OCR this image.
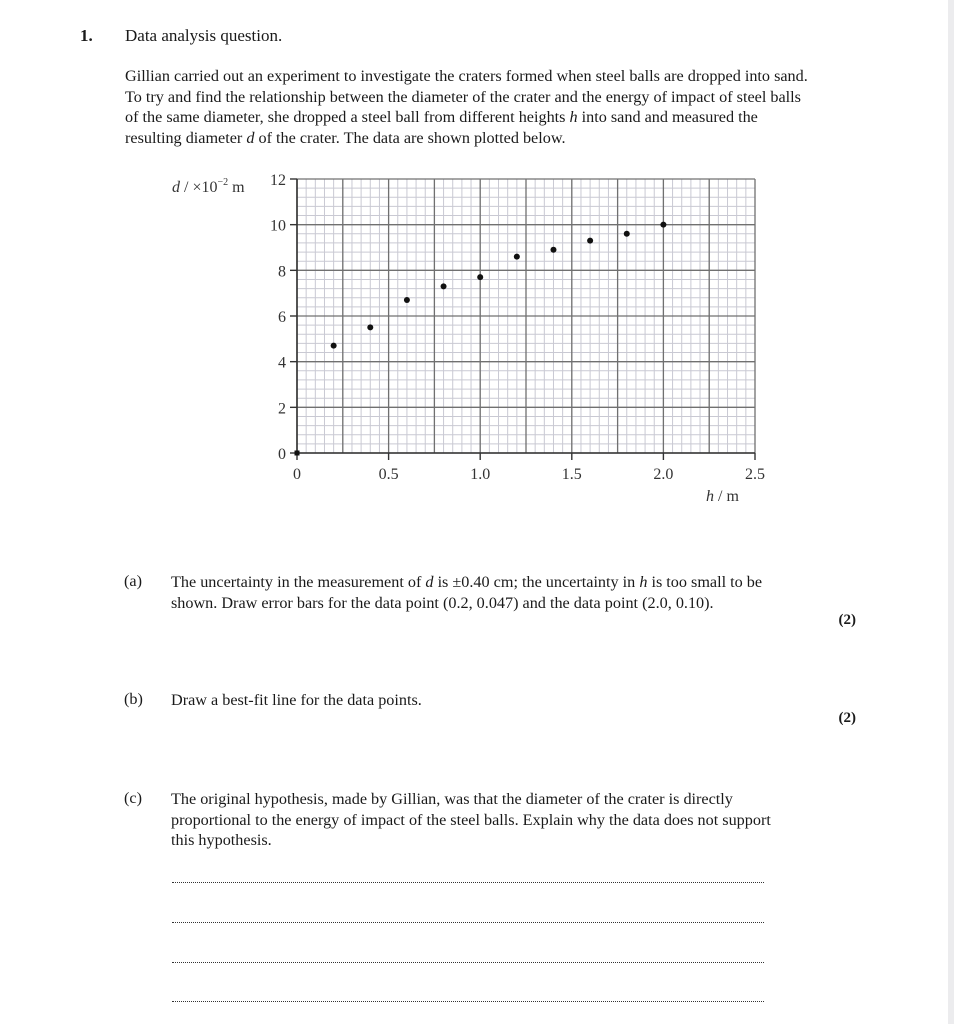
1. Data analysis question.
Gillian carried out an experiment to investigate the craters formed when steel balls are dropped into sand. To try and find the relationship between the diameter of the crater and the energy of impact of steel balls of the same diameter, she dropped a steel ball from different heights h into sand and measured the resulting diameter d of the crater. The data are shown plotted below.
0
2
4
6
8
10
12
0	0.5	1.0	1.5	2.0	2.5
$d / \times 10^{-2}$ m
h / m
(a) The uncertainty in the measurement of d is ±0.40 cm; the uncertainty in h is too small to be shown. Draw error bars for the data point (0.2, 0.047) and the data point (2.0, 0.10).
(2)
(b) Draw a best-fit line for the data points.
(2)
(c) The original hypothesis, made by Gillian, was that the diameter of the crater is directly proportional to the energy of impact of the steel balls. Explain why the data does not support this hypothesis.
